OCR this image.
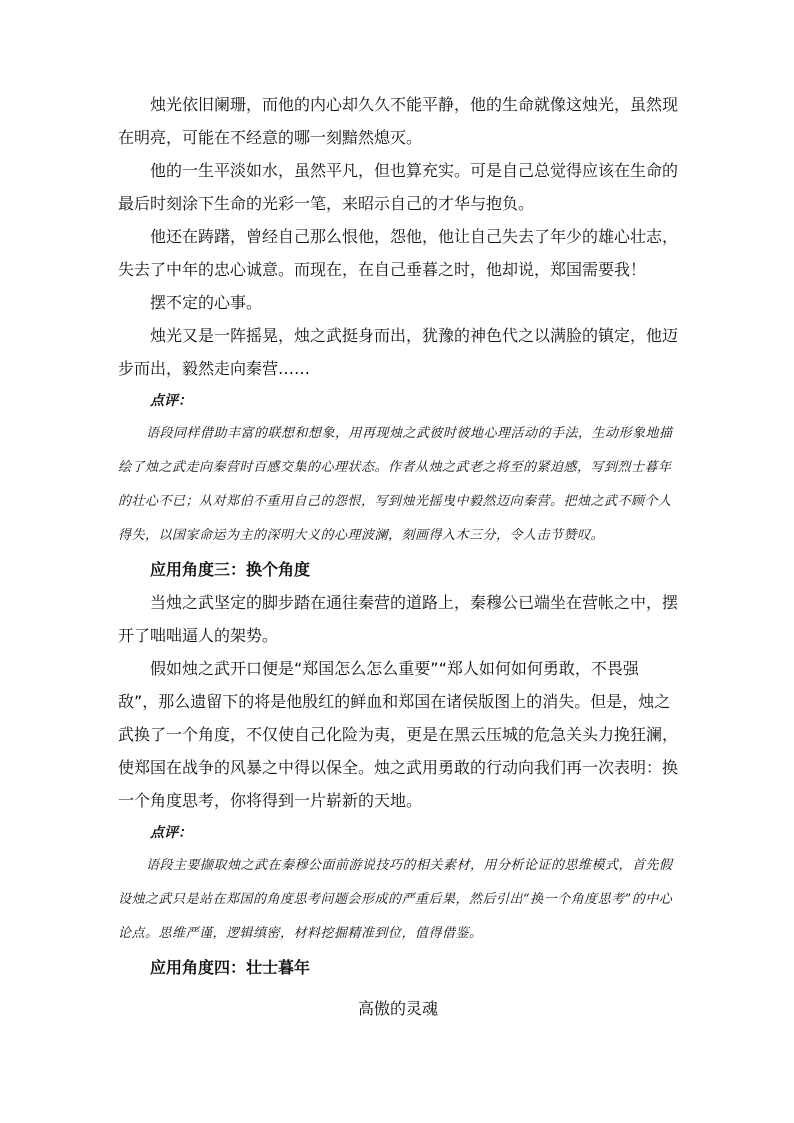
烛光依旧阑珊，而他的内心却久久不能平静，他的生命就像这烛光，虽然现在明亮，可能在不经意的哪一刻黯然熄灭。

他的一生平淡如水，虽然平凡，但也算充实。可是自己总觉得应该在生命的最后时刻涂下生命的光彩一笔，来昭示自己的才华与抱负。

他还在踌躇，曾经自己那么恨他，怨他，他让自己失去了年少的雄心壮志，失去了中年的忠心诚意。而现在，在自己垂暮之时，他却说，郑国需要我！

摆不定的心事。

烛光又是一阵摇晃，烛之武挺身而出，犹豫的神色代之以满脸的镇定，他迈步而出，毅然走向秦营……

点评：

语段同样借助丰富的联想和想象，用再现烛之武彼时彼地心理活动的手法，生动形象地描绘了烛之武走向秦营时百感交集的心理状态。作者从烛之武老之将至的紧迫感，写到烈士暮年的壮心不已；从对郑伯不重用自己的怨恨，写到烛光摇曳中毅然迈向秦营。把烛之武不顾个人得失，以国家命运为主的深明大义的心理波澜，刻画得入木三分，令人击节赞叹。

应用角度三：换个角度

当烛之武坚定的脚步踏在通往秦营的道路上，秦穆公已端坐在营帐之中，摆开了咄咄逼人的架势。

假如烛之武开口便是“郑国怎么怎么重要”“郑人如何如何勇敢，不畏强敌”，那么遗留下的将是他殷红的鲜血和郑国在诸侯版图上的消失。但是，烛之武换了一个角度，不仅使自己化险为夷，更是在黑云压城的危急关头力挽狂澜，使郑国在战争的风暴之中得以保全。烛之武用勇敢的行动向我们再一次表明：换一个角度思考，你将得到一片崭新的天地。

点评：

语段主要撷取烛之武在秦穆公面前游说技巧的相关素材，用分析论证的思维模式，首先假设烛之武只是站在郑国的角度思考问题会形成的严重后果，然后引出“换一个角度思考”的中心论点。思维严谨，逻辑缜密，材料挖掘精准到位，值得借鉴。

应用角度四：壮士暮年

高傲的灵魂
